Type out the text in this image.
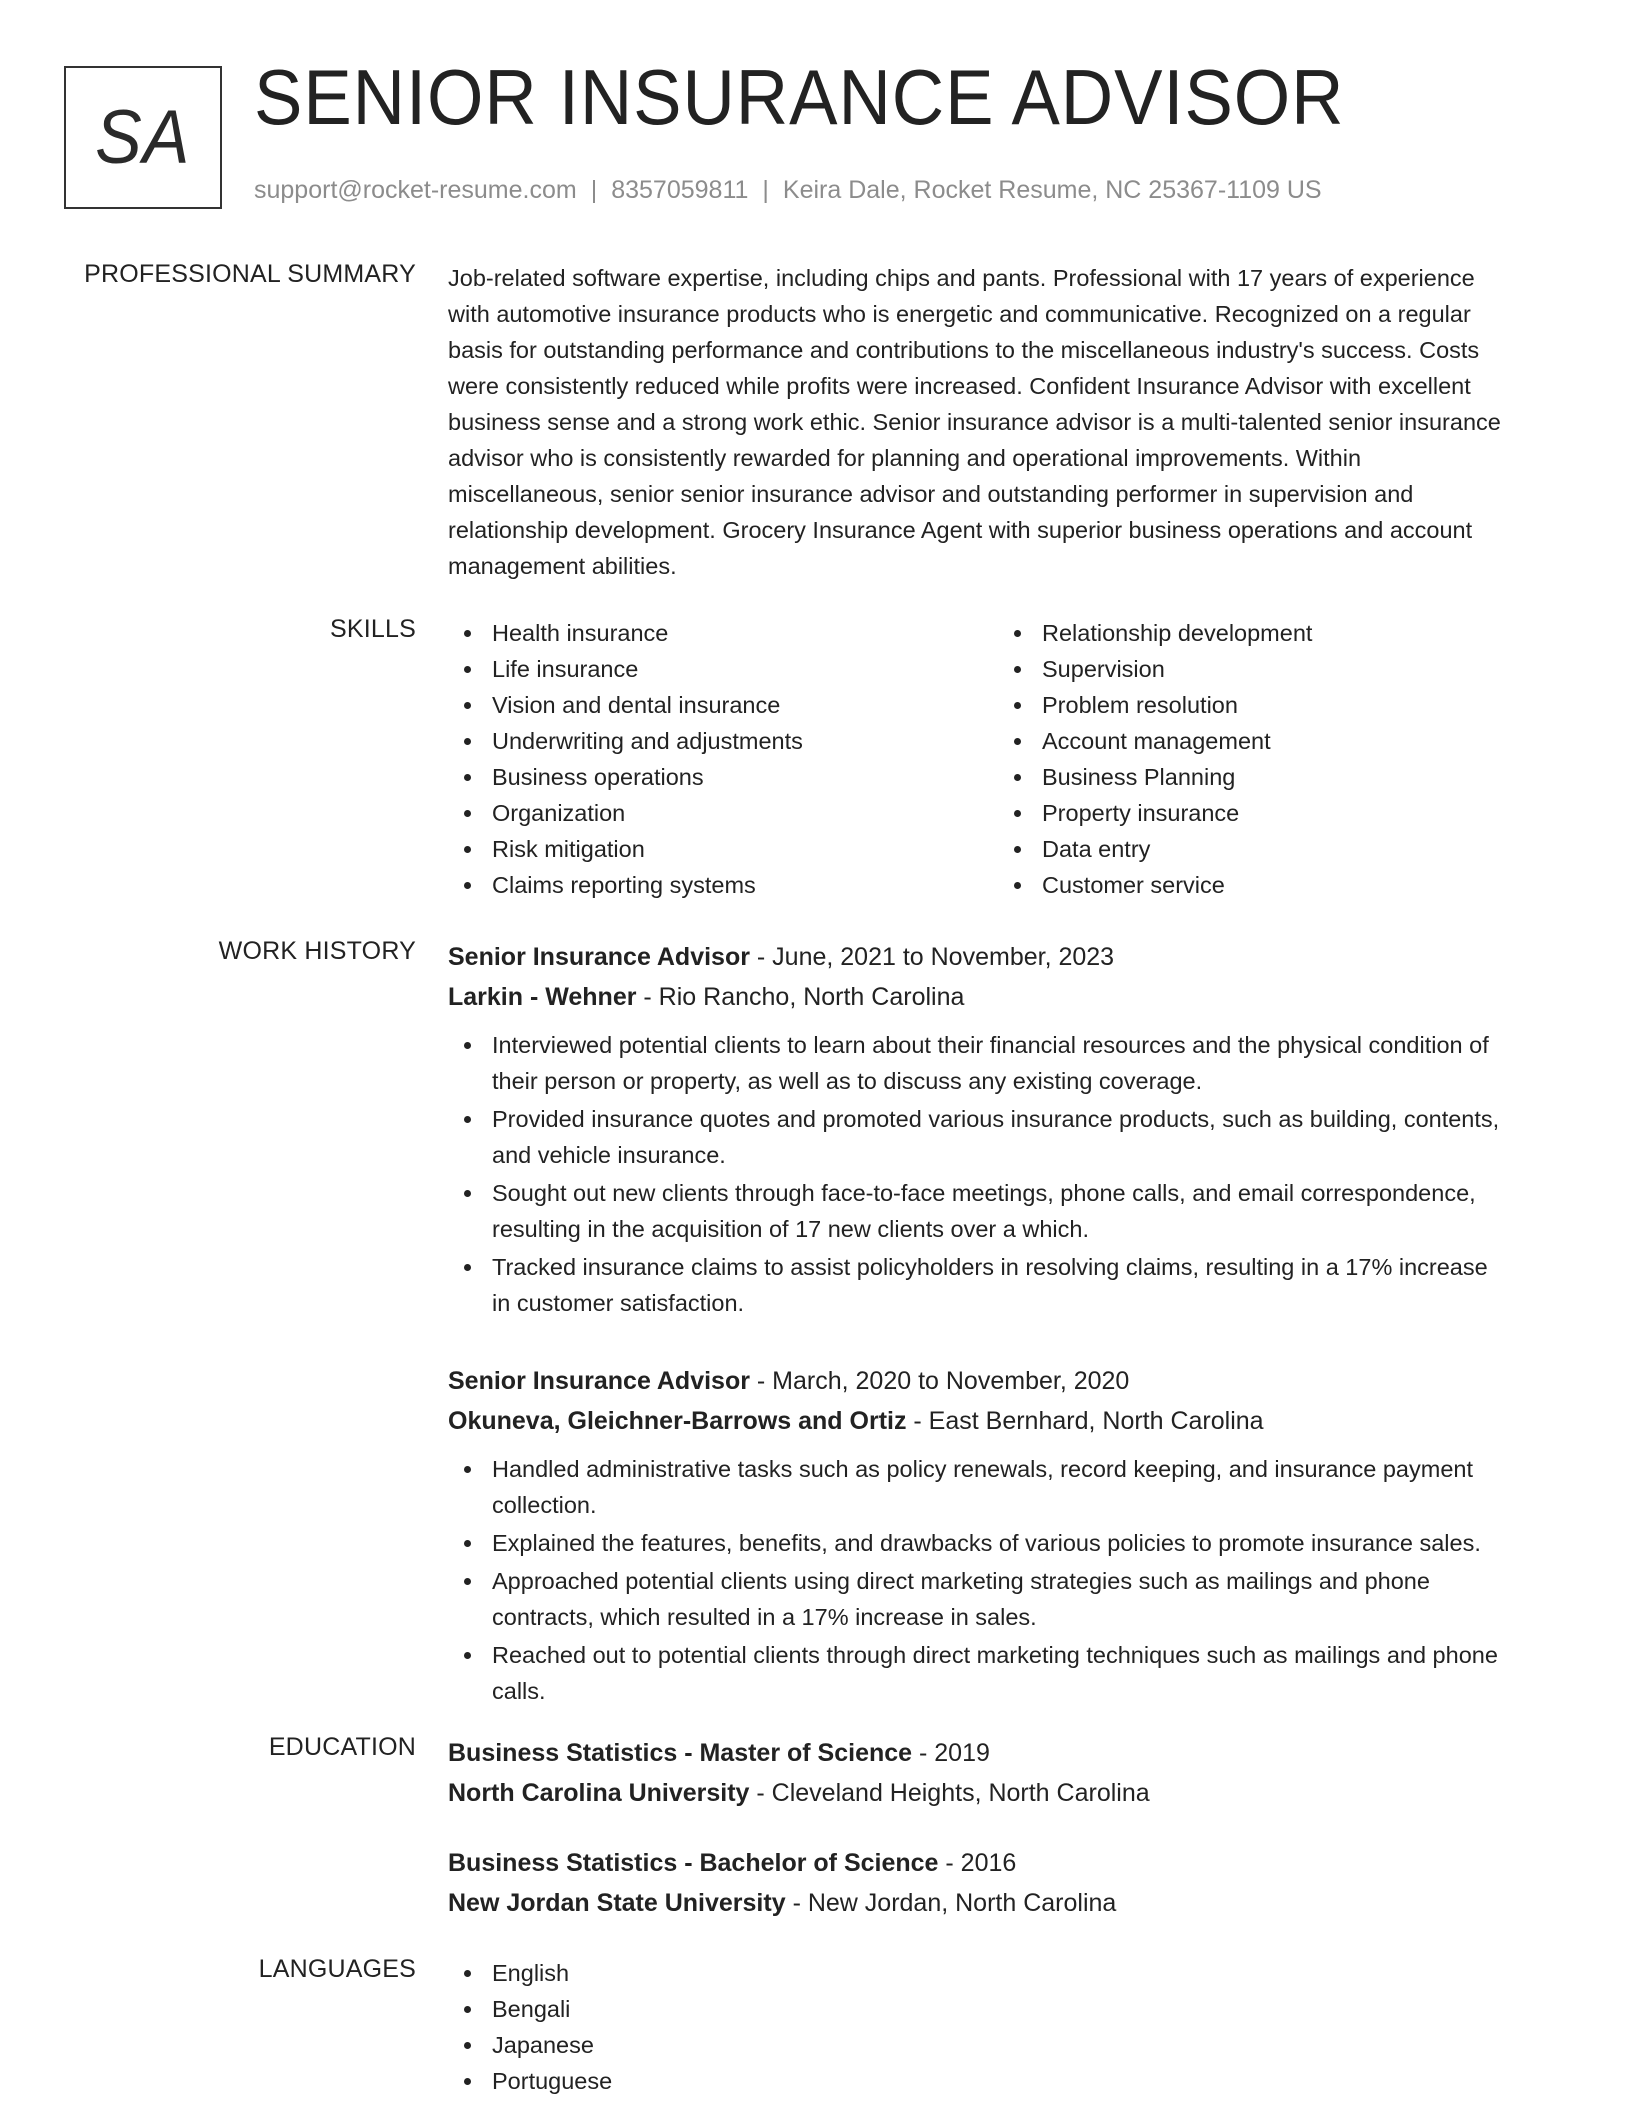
SA SENIOR INSURANCE ADVISOR
support@rocket-resume.com | 8357059811 | Keira Dale, Rocket Resume, NC 25367-1109 US
PROFESSIONAL SUMMARY Job-related software expertise, including chips and pants. Professional with 17 years of experience
with automotive insurance products who is energetic and communicative. Recognized on a regular
basis for outstanding performance and contributions to the miscellaneous industry's success. Costs
were consistently reduced while profits were increased. Confident Insurance Advisor with excellent
business sense and a strong work ethic. Senior insurance advisor is a multi-talented senior insurance
advisor who is consistently rewarded for planning and operational improvements. Within
miscellaneous, senior senior insurance advisor and outstanding performer in supervision and
relationship development. Grocery Insurance Agent with superior business operations and account
management abilities.
SKILLS	Health insurance
Life insurance
Vision and dental insurance
Underwriting and adjustments
Business operations
Organization
Risk mitigation
Claims reporting systems
Relationship development
Supervision
Problem resolution
Account management
Business Planning
Property insurance
Data entry
Customer service
WORK HISTORY Senior Insurance Advisor - June, 2021 to November, 2023
Larkin - Wehner - Rio Rancho, North Carolina
Interviewed potential clients to learn about their financial resources and the physical condition of
their person or property, as well as to discuss any existing coverage.
Provided insurance quotes and promoted various insurance products, such as building, contents,
and vehicle insurance.
Sought out new clients through face-to-face meetings, phone calls, and email correspondence,
resulting in the acquisition of 17 new clients over a which.
Tracked insurance claims to assist policyholders in resolving claims, resulting in a 17% increase
in customer satisfaction.
Senior Insurance Advisor - March, 2020 to November, 2020
Okuneva, Gleichner-Barrows and Ortiz - East Bernhard, North Carolina
Handled administrative tasks such as policy renewals, record keeping, and insurance payment
collection.
Explained the features, benefits, and drawbacks of various policies to promote insurance sales.
Approached potential clients using direct marketing strategies such as mailings and phone
contracts, which resulted in a 17% increase in sales.
Reached out to potential clients through direct marketing techniques such as mailings and phone
calls.
EDUCATION Business Statistics - Master of Science - 2019
North Carolina University - Cleveland Heights, North Carolina
Business Statistics - Bachelor of Science - 2016
New Jordan State University - New Jordan, North Carolina
LANGUAGES	English
Bengali
Japanese
Portuguese
